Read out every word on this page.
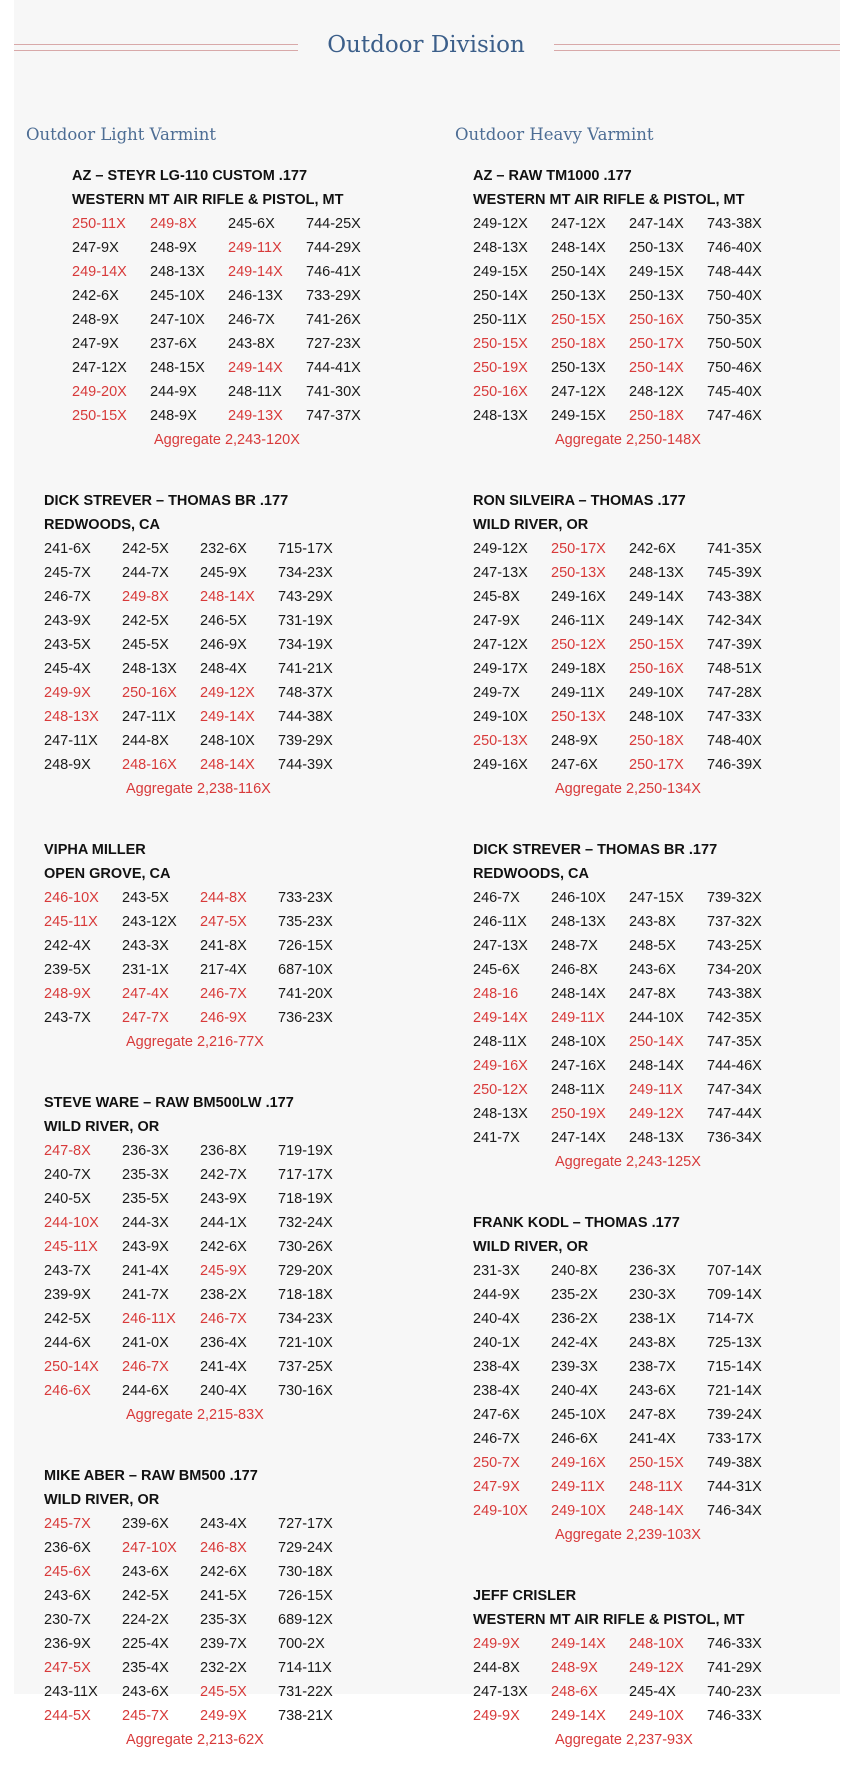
Outdoor Division
Outdoor Light Varmint
AZ – STEYR LG-110 CUSTOM .177
WESTERN MT AIR RIFLE & PISTOL, MT
250-11X	249-8X	245-6X	744-25X
247-9X	248-9X	249-11X	744-29X
249-14X	248-13X	249-14X	746-41X
242-6X	245-10X	246-13X	733-29X
248-9X	247-10X	246-7X	741-26X
247-9X	237-6X	243-8X	727-23X
247-12X	248-15X	249-14X	744-41X
249-20X	244-9X	248-11X	741-30X
250-15X	248-9X	249-13X	747-37X
Aggregate 2,243-120X
DICK STREVER – THOMAS BR .177
REDWOODS, CA
241-6X	242-5X	232-6X	715-17X
245-7X	244-7X	245-9X	734-23X
246-7X	249-8X	248-14X	743-29X
243-9X	242-5X	246-5X	731-19X
243-5X	245-5X	246-9X	734-19X
245-4X	248-13X	248-4X	741-21X
249-9X	250-16X	249-12X	748-37X
248-13X	247-11X	249-14X	744-38X
247-11X	244-8X	248-10X	739-29X
248-9X	248-16X	248-14X	744-39X
Aggregate 2,238-116X
VIPHA MILLER
OPEN GROVE, CA
246-10X	243-5X	244-8X	733-23X
245-11X	243-12X	247-5X	735-23X
242-4X	243-3X	241-8X	726-15X
239-5X	231-1X	217-4X	687-10X
248-9X	247-4X	246-7X	741-20X
243-7X	247-7X	246-9X	736-23X
Aggregate 2,216-77X
STEVE WARE – RAW BM500LW .177
WILD RIVER, OR
247-8X	236-3X	236-8X	719-19X
240-7X	235-3X	242-7X	717-17X
240-5X	235-5X	243-9X	718-19X
244-10X	244-3X	244-1X	732-24X
245-11X	243-9X	242-6X	730-26X
243-7X	241-4X	245-9X	729-20X
239-9X	241-7X	238-2X	718-18X
242-5X	246-11X	246-7X	734-23X
244-6X	241-0X	236-4X	721-10X
250-14X	246-7X	241-4X	737-25X
246-6X	244-6X	240-4X	730-16X
Aggregate 2,215-83X
MIKE ABER – RAW BM500 .177
WILD RIVER, OR
245-7X	239-6X	243-4X	727-17X
236-6X	247-10X	246-8X	729-24X
245-6X	243-6X	242-6X	730-18X
243-6X	242-5X	241-5X	726-15X
230-7X	224-2X	235-3X	689-12X
236-9X	225-4X	239-7X	700-2X
247-5X	235-4X	232-2X	714-11X
243-11X	243-6X	245-5X	731-22X
244-5X	245-7X	249-9X	738-21X
Aggregate 2,213-62X
Outdoor Heavy Varmint
AZ – RAW TM1000 .177
WESTERN MT AIR RIFLE & PISTOL, MT
249-12X	247-12X	247-14X	743-38X
248-13X	248-14X	250-13X	746-40X
249-15X	250-14X	249-15X	748-44X
250-14X	250-13X	250-13X	750-40X
250-11X	250-15X	250-16X	750-35X
250-15X	250-18X	250-17X	750-50X
250-19X	250-13X	250-14X	750-46X
250-16X	247-12X	248-12X	745-40X
248-13X	249-15X	250-18X	747-46X
Aggregate 2,250-148X
RON SILVEIRA – THOMAS .177
WILD RIVER, OR
249-12X	250-17X	242-6X	741-35X
247-13X	250-13X	248-13X	745-39X
245-8X	249-16X	249-14X	743-38X
247-9X	246-11X	249-14X	742-34X
247-12X	250-12X	250-15X	747-39X
249-17X	249-18X	250-16X	748-51X
249-7X	249-11X	249-10X	747-28X
249-10X	250-13X	248-10X	747-33X
250-13X	248-9X	250-18X	748-40X
249-16X	247-6X	250-17X	746-39X
Aggregate 2,250-134X
DICK STREVER – THOMAS BR .177
REDWOODS, CA
246-7X	246-10X	247-15X	739-32X
246-11X	248-13X	243-8X	737-32X
247-13X	248-7X	248-5X	743-25X
245-6X	246-8X	243-6X	734-20X
248-16	248-14X	247-8X	743-38X
249-14X	249-11X	244-10X	742-35X
248-11X	248-10X	250-14X	747-35X
249-16X	247-16X	248-14X	744-46X
250-12X	248-11X	249-11X	747-34X
248-13X	250-19X	249-12X	747-44X
241-7X	247-14X	248-13X	736-34X
Aggregate 2,243-125X
FRANK KODL – THOMAS .177
WILD RIVER, OR
231-3X	240-8X	236-3X	707-14X
244-9X	235-2X	230-3X	709-14X
240-4X	236-2X	238-1X	714-7X
240-1X	242-4X	243-8X	725-13X
238-4X	239-3X	238-7X	715-14X
238-4X	240-4X	243-6X	721-14X
247-6X	245-10X	247-8X	739-24X
246-7X	246-6X	241-4X	733-17X
250-7X	249-16X	250-15X	749-38X
247-9X	249-11X	248-11X	744-31X
249-10X	249-10X	248-14X	746-34X
Aggregate 2,239-103X
JEFF CRISLER
WESTERN MT AIR RIFLE & PISTOL, MT
249-9X	249-14X	248-10X	746-33X
244-8X	248-9X	249-12X	741-29X
247-13X	248-6X	245-4X	740-23X
249-9X	249-14X	249-10X	746-33X
Aggregate 2,237-93X
